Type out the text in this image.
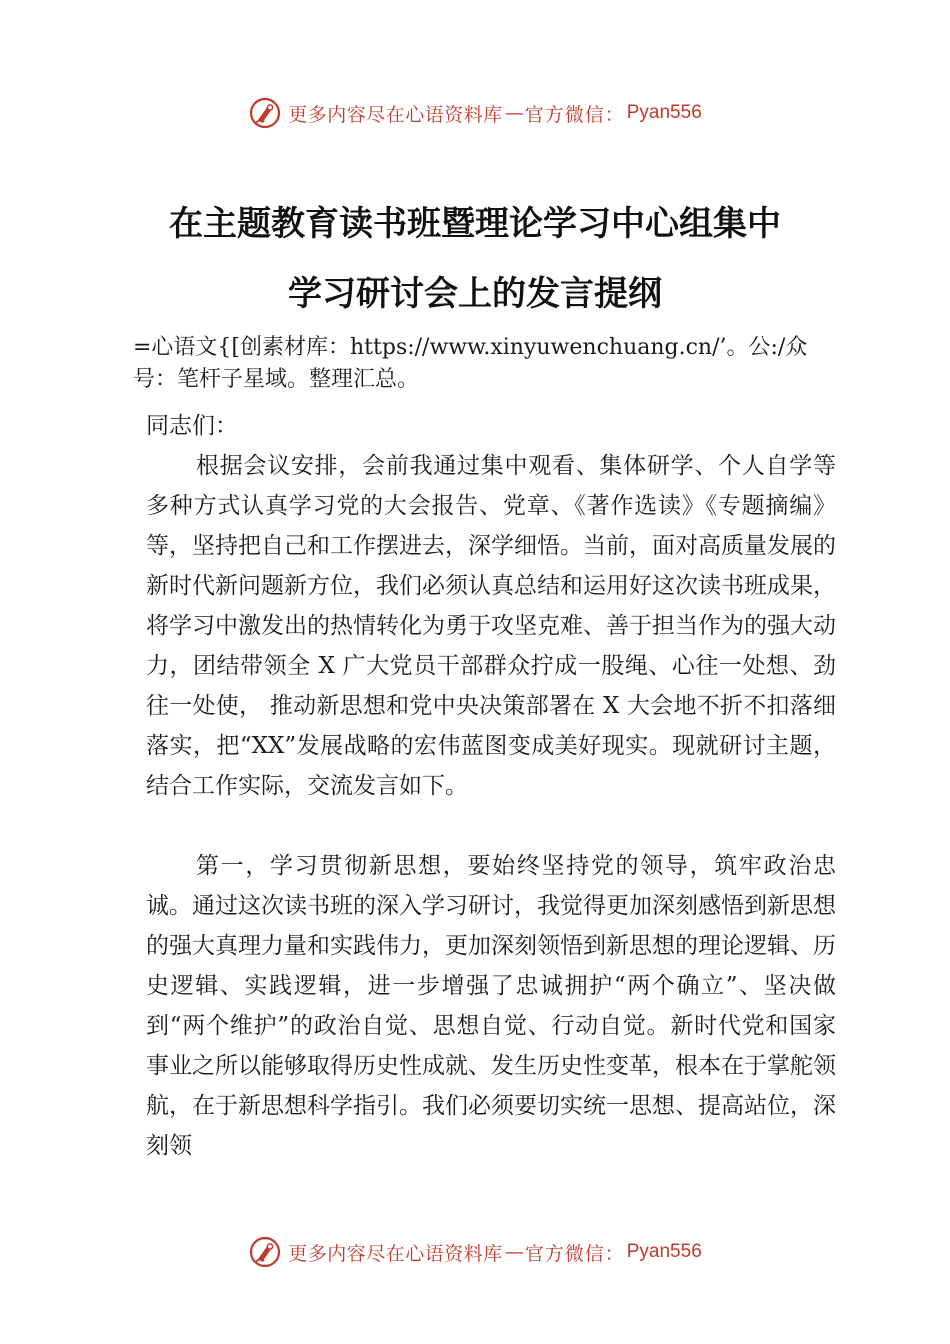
更多内容尽在心语资料库 — 官方微信： Pyan556
在主题教育读书班暨理论学习中心组集中
学习研讨会上的发言提纲

=心语文{[创素材库：https://www.xinyuwenchuang.cn/’。公:/众号：笔杆子星域。整理汇总。

同志们：

根据会议安排，会前我通过集中观看、集体研学、个人自学等多种方式认真学习党的大会报告、党章、《著作选读》《专题摘编》等，坚持把自己和工作摆进去，深学细悟。当前，面对高质量发展的新时代新问题新方位，我们必须认真总结和运用好这次读书班成果，将学习中激发出的热情转化为勇于攻坚克难、善于担当作为的强大动力，团结带领全 X 广大党员干部群众拧成一股绳、心往一处想、劲往一处使， 推动新思想和党中央决策部署在 X 大会地不折不扣落细落实，把“XX”发展战略的宏伟蓝图变成美好现实。现就研讨主题，结合工作实际，交流发言如下。

第一，学习贯彻新思想，要始终坚持党的领导，筑牢政治忠诚。通过这次读书班的深入学习研讨，我觉得更加深刻感悟到新思想的强大真理力量和实践伟力，更加深刻领悟到新思想的理论逻辑、历史逻辑、实践逻辑，进一步增强了忠诚拥护“两个确立”、坚决做到“两个维护”的政治自觉、思想自觉、行动自觉。新时代党和国家事业之所以能够取得历史性成就、发生历史性变革，根本在于掌舵领航，在于新思想科学指引。我们必须要切实统一思想、提高站位，深刻领

更多内容尽在心语资料库 — 官方微信： Pyan556
